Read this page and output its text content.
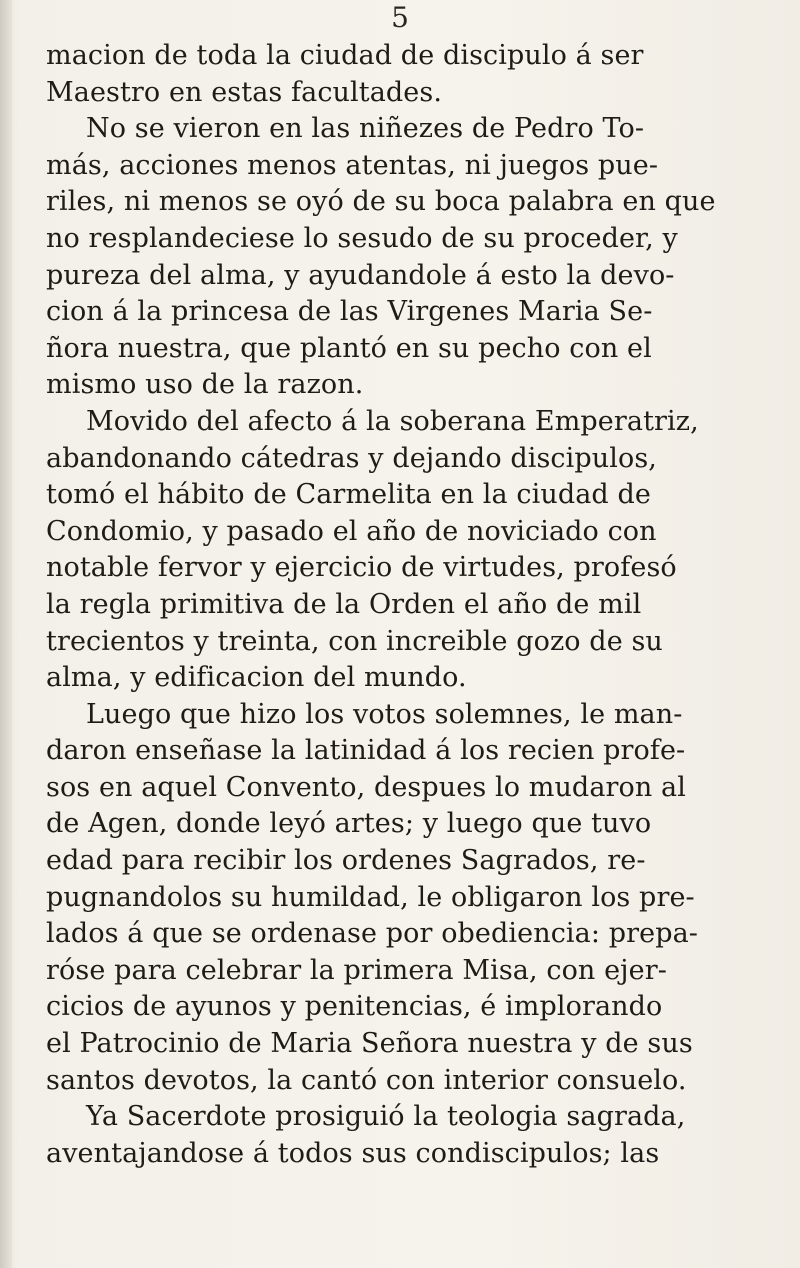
5
macion de toda la ciudad de discipulo á ser
Maestro en estas facultades.
No se vieron en las niñezes de Pedro To-
más, acciones menos atentas, ni juegos pue-
riles, ni menos se oyó de su boca palabra en que
no resplandeciese lo sesudo de su proceder, y
pureza del alma, y ayudandole á esto la devo-
cion á la princesa de las Virgenes Maria Se-
ñora nuestra, que plantó en su pecho con el
mismo uso de la razon.
Movido del afecto á la soberana Emperatriz,
abandonando cátedras y dejando discipulos,
tomó el hábito de Carmelita en la ciudad de
Condomio, y pasado el año de noviciado con
notable fervor y ejercicio de virtudes, profesó
la regla primitiva de la Orden el año de mil
trecientos y treinta, con increible gozo de su
alma, y edificacion del mundo.
Luego que hizo los votos solemnes, le man-
daron enseñase la latinidad á los recien profe-
sos en aquel Convento, despues lo mudaron al
de Agen, donde leyó artes; y luego que tuvo
edad para recibir los ordenes Sagrados, re-
pugnandolos su humildad, le obligaron los pre-
lados á que se ordenase por obediencia: prepa-
róse para celebrar la primera Misa, con ejer-
cicios de ayunos y penitencias, é implorando
el Patrocinio de Maria Señora nuestra y de sus
santos devotos, la cantó con interior consuelo.
Ya Sacerdote prosiguió la teologia sagrada,
aventajandose á todos sus condiscipulos; las
